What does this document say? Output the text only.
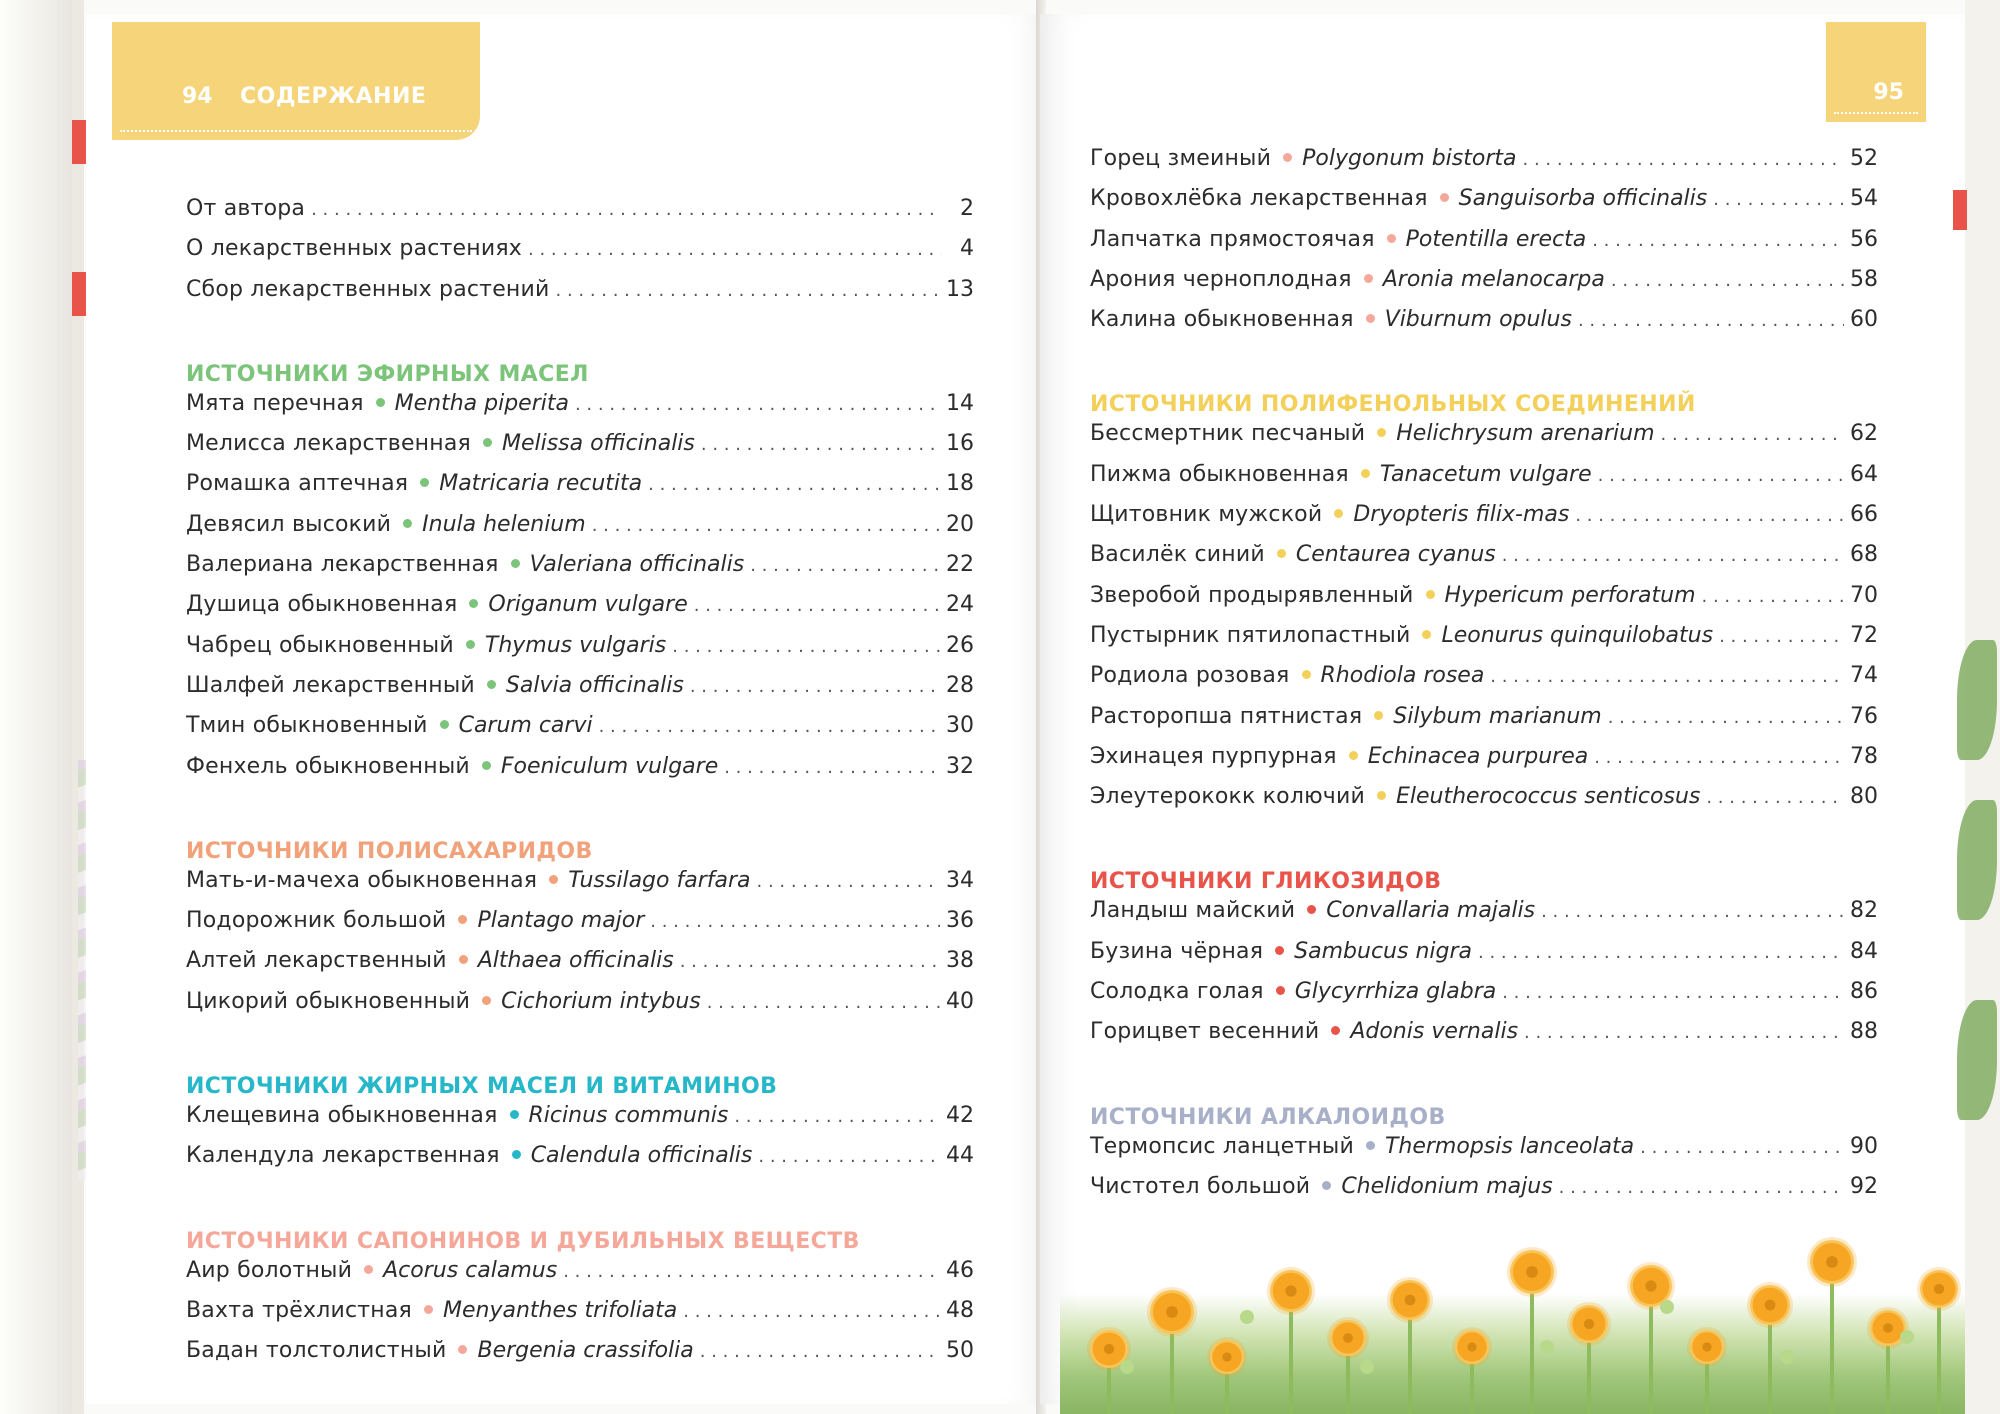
94 СОДЕРЖАНИЕ	95
От автора . . .	2
О лекарственных растениях . . .	4
Сбор лекарственных растений . . .	13
ИСТОЧНИКИ ЭФИРНЫХ МАСЕЛ
Мята перечная Mentha piperita . . .	14
Мелисса лекарственная Melissa officinalis . . .	16
Ромашка аптечная Matricaria recutita . . .	18
Девясил высокий Inula helenium . . .	20
Валериана лекарственная Valeriana officinalis . . .	22
Душица обыкновенная Origanum vulgare . . .	24
Чабрец обыкновенный Thymus vulgaris . . .	26
Шалфей лекарственный Salvia officinalis . . .	28
Тмин обыкновенный Carum carvi . . .	30
Фенхель обыкновенный Foeniculum vulgare . . .	32
ИСТОЧНИКИ ПОЛИСАХАРИДОВ
Мать-и-мачеха обыкновенная Tussilago farfara . . .	34
Подорожник большой Plantago major . . .	36
Алтей лекарственный Althaea officinalis . . .	38
Цикорий обыкновенный Cichorium intybus . . .	40
ИСТОЧНИКИ ЖИРНЫХ МАСЕЛ И ВИТАМИНОВ
Клещевина обыкновенная Ricinus communis . . .	42
Календула лекарственная Calendula officinalis . . .	44
ИСТОЧНИКИ САПОНИНОВ И ДУБИЛЬНЫХ ВЕЩЕСТВ
Аир болотный Acorus calamus . . .	46
Вахта трёхлистная Menyanthes trifoliata . . .	48
Бадан толстолистный Bergenia crassifolia . . .	50
Горец змеиный Polygonum bistorta . . .	52
Кровохлёбка лекарственная Sanguisorba officinalis . . .	54
Лапчатка прямостоячая Potentilla erecta . . .	56
Арония черноплодная Aronia melanocarpa . . .	58
Калина обыкновенная Viburnum opulus . . .	60
ИСТОЧНИКИ ПОЛИФЕНОЛЬНЫХ СОЕДИНЕНИЙ
Бессмертник песчаный Helichrysum arenarium . . .	62
Пижма обыкновенная Tanacetum vulgare . . .	64
Щитовник мужской Dryopteris filix-mas . . .	66
Василёк синий Centaurea cyanus . . .	68
Зверобой продырявленный Hypericum perforatum . . .	70
Пустырник пятилопастный Leonurus quinquilobatus . . .	72
Родиола розовая Rhodiola rosea . . .	74
Расторопша пятнистая Silybum marianum . . .	76
Эхинацея пурпурная Echinacea purpurea . . .	78
Элеутерококк колючий Eleutherococcus senticosus . . .	80
ИСТОЧНИКИ ГЛИКОЗИДОВ
Ландыш майский Convallaria majalis . . .	82
Бузина чёрная Sambucus nigra . . .	84
Солодка голая Glycyrrhiza glabra . . .	86
Горицвет весенний Adonis vernalis . . .	88
ИСТОЧНИКИ АЛКАЛОИДОВ
Термопсис ланцетный Thermopsis lanceolata . . .	90
Чистотел большой Chelidonium majus . . .	92
